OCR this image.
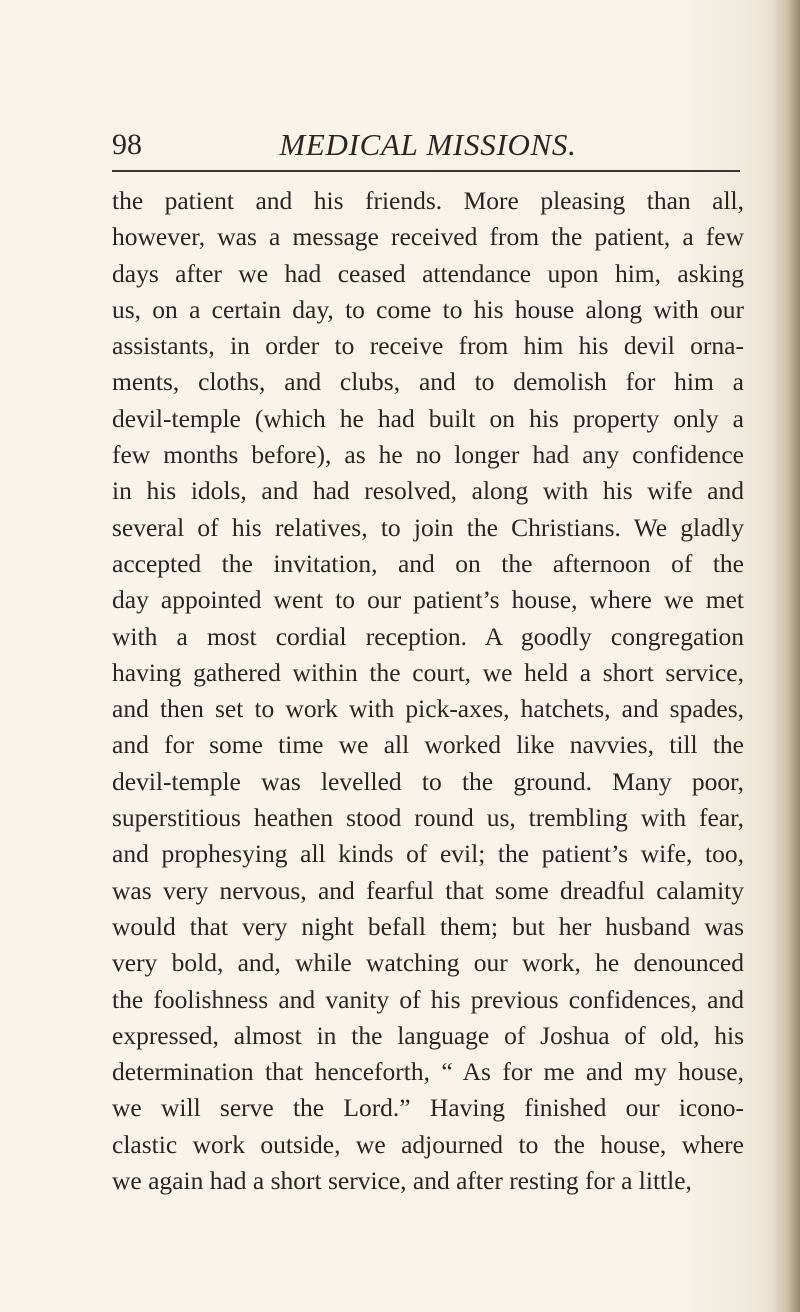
98	MEDICAL MISSIONS.
the patient and his friends. More pleasing than all,
however, was a message received from the patient, a few
days after we had ceased attendance upon him, asking
us, on a certain day, to come to his house along with our
assistants, in order to receive from him his devil orna-
ments, cloths, and clubs, and to demolish for him a
devil-temple (which he had built on his property only a
few months before), as he no longer had any confidence
in his idols, and had resolved, along with his wife and
several of his relatives, to join the Christians. We gladly
accepted the invitation, and on the afternoon of the
day appointed went to our patient’s house, where we met
with a most cordial reception. A goodly congregation
having gathered within the court, we held a short service,
and then set to work with pick-axes, hatchets, and spades,
and for some time we all worked like navvies, till the
devil-temple was levelled to the ground. Many poor,
superstitious heathen stood round us, trembling with fear,
and prophesying all kinds of evil; the patient’s wife, too,
was very nervous, and fearful that some dreadful calamity
would that very night befall them; but her husband was
very bold, and, while watching our work, he denounced
the foolishness and vanity of his previous confidences, and
expressed, almost in the language of Joshua of old, his
determination that henceforth, “ As for me and my house,
we will serve the Lord.” Having finished our icono-
clastic work outside, we adjourned to the house, where
we again had a short service, and after resting for a little,
